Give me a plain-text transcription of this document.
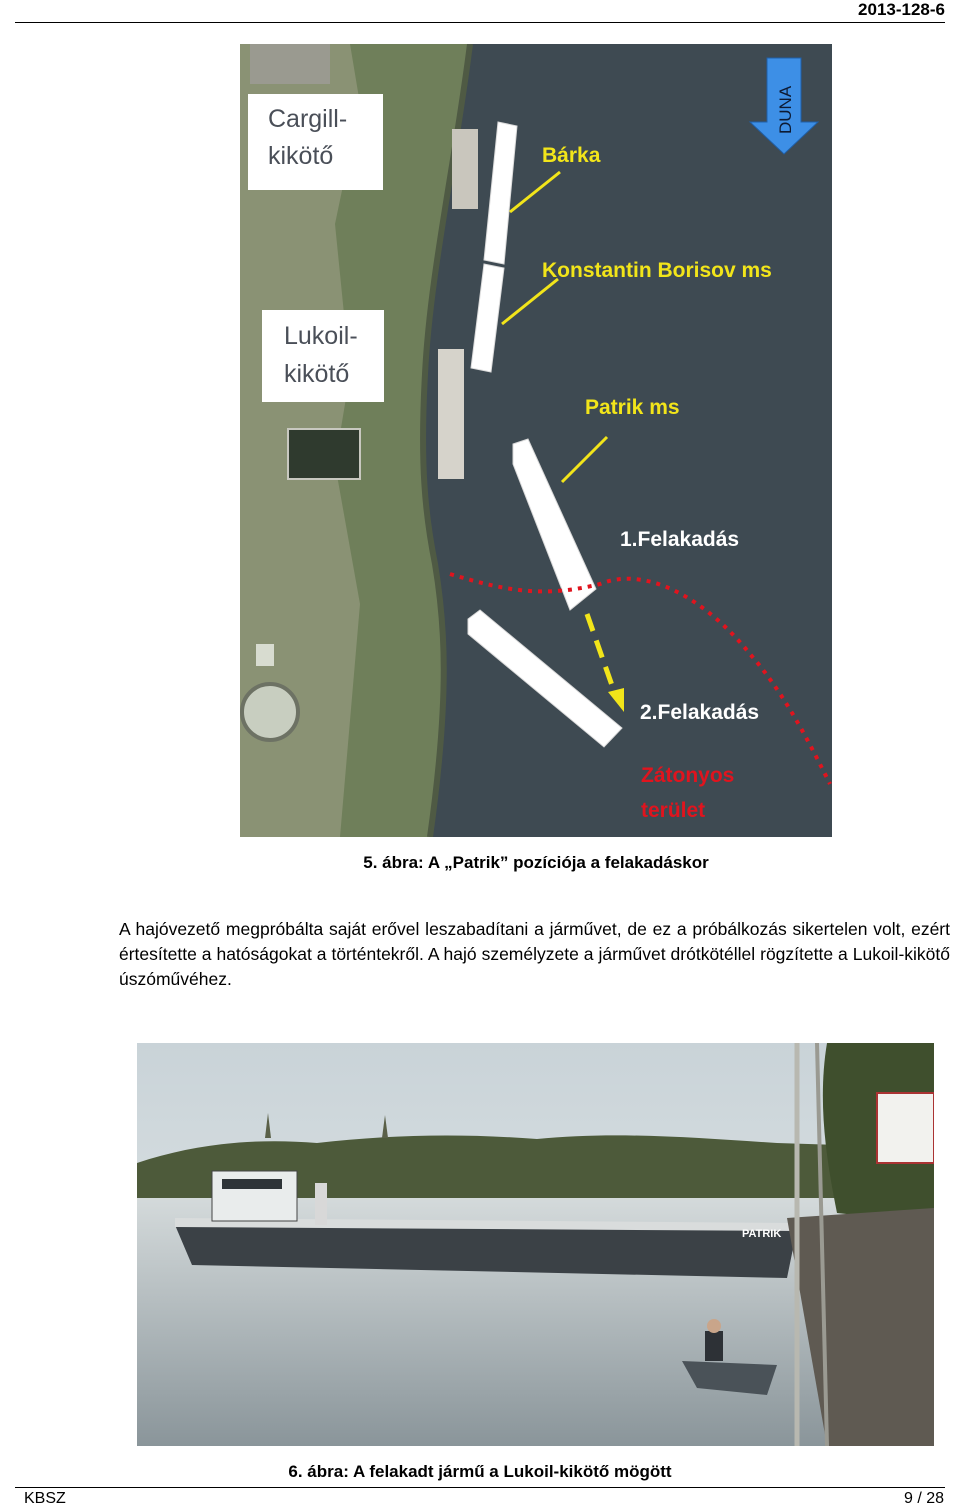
2013-128-6
Cargill-
kikötő
Lukoil-
kikötő
Bárka
Konstantin Borisov ms
Patrik ms
1.Felakadás
2.Felakadás
Zátonyos
terület
DUNA
5. ábra: A „Patrik” pozíciója a felakadáskor
A hajóvezető megpróbálta saját erővel leszabadítani a járművet, de ez a próbálkozás sikertelen volt, ezért értesítette a hatóságokat a történtekről. A hajó személyzete a járművet drótkötéllel rögzítette a Lukoil-kikötő úszóművéhez.
PATRIK
6. ábra: A felakadt jármű a Lukoil-kikötő mögött
KBSZ	9 / 28
